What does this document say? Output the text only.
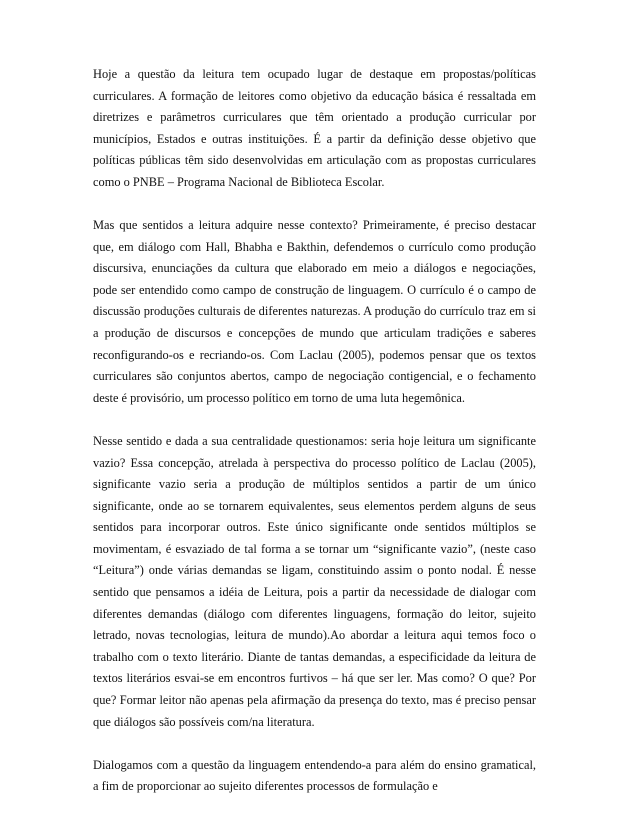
Hoje a questão da leitura tem ocupado lugar de destaque em propostas/políticas curriculares. A formação de leitores como objetivo da educação básica é ressaltada em diretrizes e parâmetros curriculares que têm orientado a produção curricular por municípios, Estados e outras instituições. É a partir da definição desse objetivo que políticas públicas têm sido desenvolvidas em articulação com as propostas curriculares como o PNBE – Programa Nacional de Biblioteca Escolar.

Mas que sentidos a leitura adquire nesse contexto? Primeiramente, é preciso destacar que, em diálogo com Hall, Bhabha e Bakthin, defendemos o currículo como produção discursiva, enunciações da cultura que elaborado em meio a diálogos e negociações, pode ser entendido como campo de construção de linguagem. O currículo é o campo de discussão produções culturais de diferentes naturezas. A produção do currículo traz em si a produção de discursos e concepções de mundo que articulam tradições e saberes reconfigurando-os e recriando-os. Com Laclau (2005), podemos pensar que os textos curriculares são conjuntos abertos, campo de negociação contigencial, e o fechamento deste é provisório, um processo político em torno de uma luta hegemônica.

Nesse sentido e dada a sua centralidade questionamos: seria hoje leitura um significante vazio? Essa concepção, atrelada à perspectiva do processo político de Laclau (2005), significante vazio seria a produção de múltiplos sentidos a partir de um único significante, onde ao se tornarem equivalentes, seus elementos perdem alguns de seus sentidos para incorporar outros. Este único significante onde sentidos múltiplos se movimentam, é esvaziado de tal forma a se tornar um “significante vazio”, (neste caso “Leitura”) onde várias demandas se ligam, constituindo assim o ponto nodal. É nesse sentido que pensamos a idéia de Leitura, pois a partir da necessidade de dialogar com diferentes demandas (diálogo com diferentes linguagens, formação do leitor, sujeito letrado, novas tecnologias, leitura de mundo).Ao abordar a leitura aqui temos foco o trabalho com o texto literário. Diante de tantas demandas, a especificidade da leitura de textos literários esvai-se em encontros furtivos – há que ser ler. Mas como? O que? Por que? Formar leitor não apenas pela afirmação da presença do texto, mas é preciso pensar que diálogos são possíveis com/na literatura.

Dialogamos com a questão da linguagem entendendo-a para além do ensino gramatical, a fim de proporcionar ao sujeito diferentes processos de formulação e
